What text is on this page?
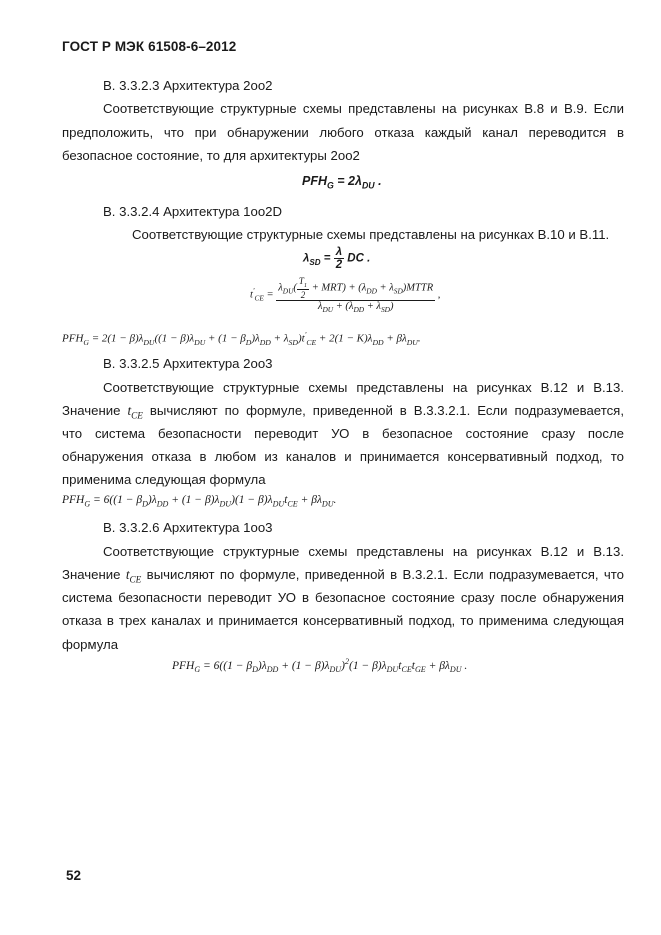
ГОСТ Р МЭК 61508-6–2012
B. 3.3.2.3 Архитектура 2оо2
Соответствующие структурные схемы представлены на рисунках B.8 и B.9. Если
предположить, что при обнаружении любого отказа каждый канал переводится в
безопасное состояние, то для архитектуры 2оо2
$PFH_G = 2\lambda_{DU}$ .
B. 3.3.2.4 Архитектура 1оо2D
Соответствующие структурные схемы представлены на рисунках B.10 и B.11.
$\lambda_{SD} = \frac{\lambda}{2}$ DC .
$t'_{CE} = \frac{\lambda_{DU}( \frac{T_1}{2} + MRT) + (\lambda_{DD} + \lambda_{SD})MTTR}{\lambda_{DU} + (\lambda_{DD} + \lambda_{SD})}$ ,
$PFH_G = 2(1 - \beta)\lambda_{DU}((1 - \beta)\lambda_{DU} + (1 - \beta_D)\lambda_{DD} + \lambda_{SD})t'_{CE} + 2(1 - K)\lambda_{DD} + \beta\lambda_{DU}$.
B. 3.3.2.5 Архитектура 2оо3
Соответствующие структурные схемы представлены на рисунках B.12 и B.13.
Значение $t_{CE}$ вычисляют по формуле, приведенной в B.3.3.2.1. Если подразумевается,
что система безопасности переводит УО в безопасное состояние сразу после
обнаружения отказа в любом из каналов и принимается консервативный подход, то
применима следующая формула
$PFH_G = 6((1 - \beta_D)\lambda_{DD} + (1 - \beta)\lambda_{DU})(1 - \beta)\lambda_{DU}t_{CE} + \beta\lambda_{DU}$.
B. 3.3.2.6 Архитектура 1оо3
Соответствующие структурные схемы представлены на рисунках B.12 и B.13.
Значение $t_{CE}$ вычисляют по формуле, приведенной в B.3.2.1. Если подразумевается, что
система безопасности переводит УО в безопасное состояние сразу после обнаружения
отказа в трех каналах и принимается консервативный подход, то применима следующая
формула
$PFH_G = 6((1 - \beta_D)\lambda_{DD} + (1 - \beta)\lambda_{DU})^2(1 - \beta)\lambda_{DU}t_{CE}t_{GE} + \beta\lambda_{DU}$ .
52
